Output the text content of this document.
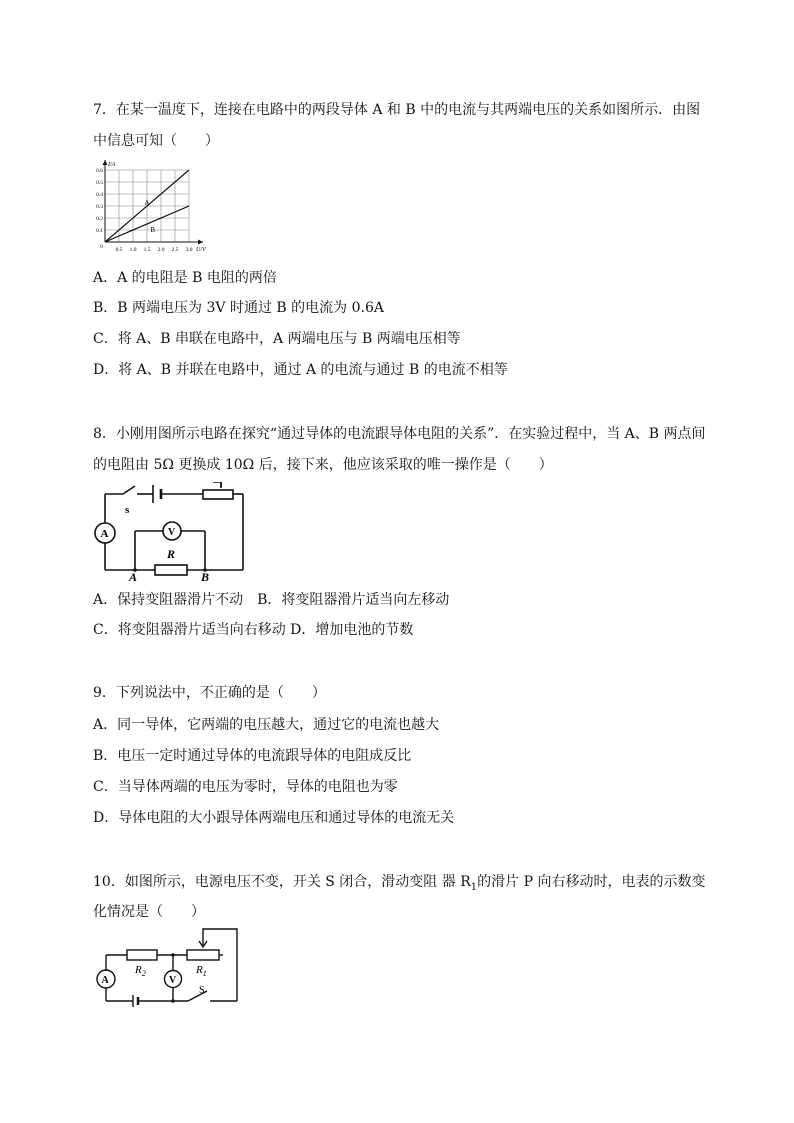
7．在某一温度下，连接在电路中的两段导体 A 和 B 中的电流与其两端电压的关系如图所示．由图
中信息可知（　　）
A
B
0.5 1.0 1.5 2.0 2.5 3.0
0.1
0.2
0.3
0.4
0.5
0.6
0	U/V
I/A
A．A 的电阻是 B 电阻的两倍
B．B 两端电压为 3V 时通过 B 的电流为 0.6A
C．将 A、B 串联在电路中，A 两端电压与 B 两端电压相等
D．将 A、B 并联在电路中，通过 A 的电流与通过 B 的电流不相等
8．小刚用图所示电路在探究“通过导体的电流跟导体电阻的关系”．在实验过程中，当 A、B 两点间
的电阻由 5Ω 更换成 10Ω 后，接下来，他应该采取的唯一操作是（　　）
s
A	V
R
A	B
A．保持变阻器滑片不动　B．将变阻器滑片适当向左移动
C．将变阻器滑片适当向右移动 D．增加电池的节数
9．下列说法中，不正确的是（　　）
A．同一导体，它两端的电压越大，通过它的电流也越大
B．电压一定时通过导体的电流跟导体的电阻成反比
C．当导体两端的电压为零时，导体的电阻也为零
D．导体电阻的大小跟导体两端电压和通过导体的电流无关
10．如图所示，电源电压不变，开关 S 闭合，滑动变阻 器 $R_1$的滑片 P 向右移动时，电表的示数变
化情况是（　　）
A	V
$R_2$	$R_1$
S
